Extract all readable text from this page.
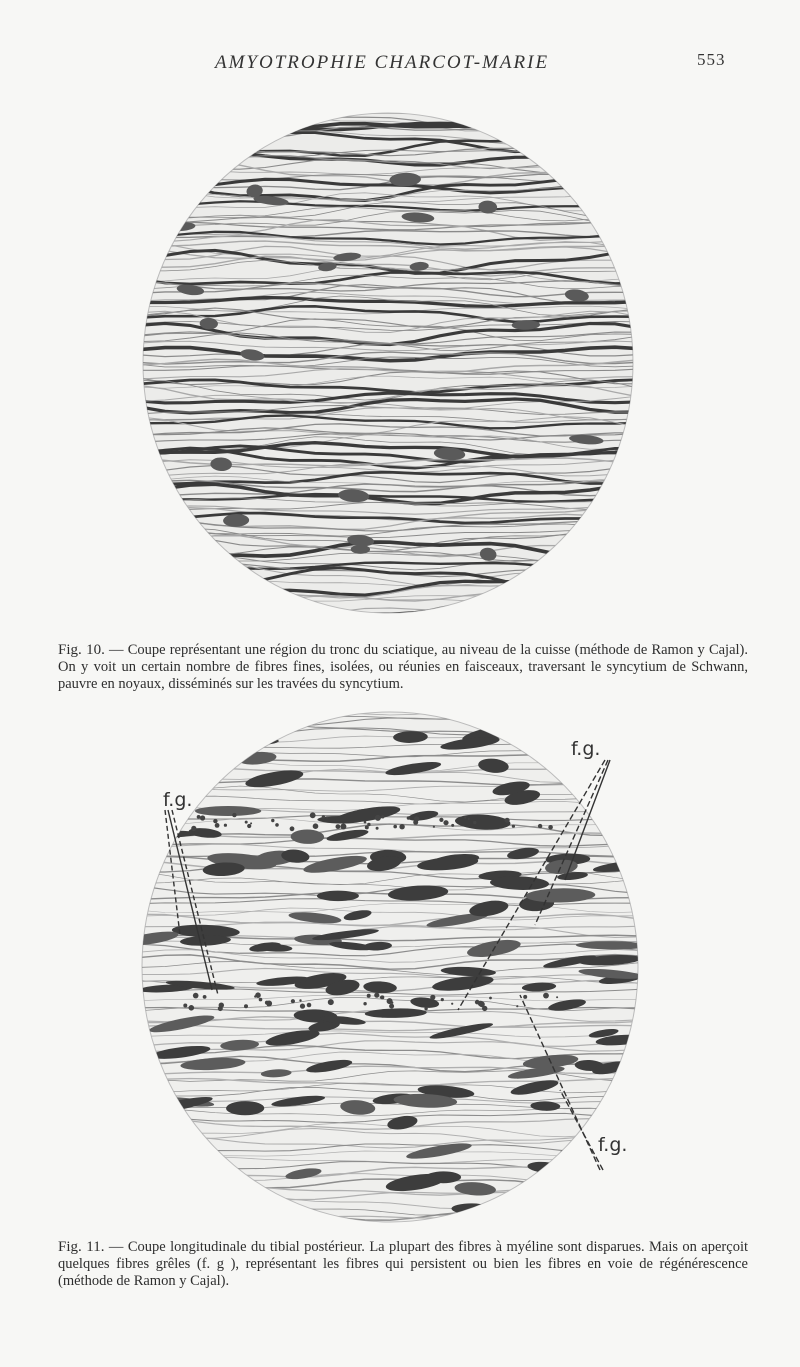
AMYOTROPHIE CHARCOT-MARIE	553

Fig. 10. — Coupe représentant une région du tronc du sciatique, au niveau de la cuisse (méthode de Ramon y Cajal). On y voit un certain nombre de fibres fines, isolées, ou réunies en faisceaux, traversant le syncytium de Schwann, pauvre en noyaux, disséminés sur les travées du syncytium.

f.g.
f.g.
f.g.

Fig. 11. — Coupe longitudinale du tibial postérieur. La plupart des fibres à myéline sont disparues. Mais on aperçoit quelques fibres grêles (f. g ), représentant les fibres qui persistent ou bien les fibres en voie de régénérescence (méthode de Ramon y Cajal).
